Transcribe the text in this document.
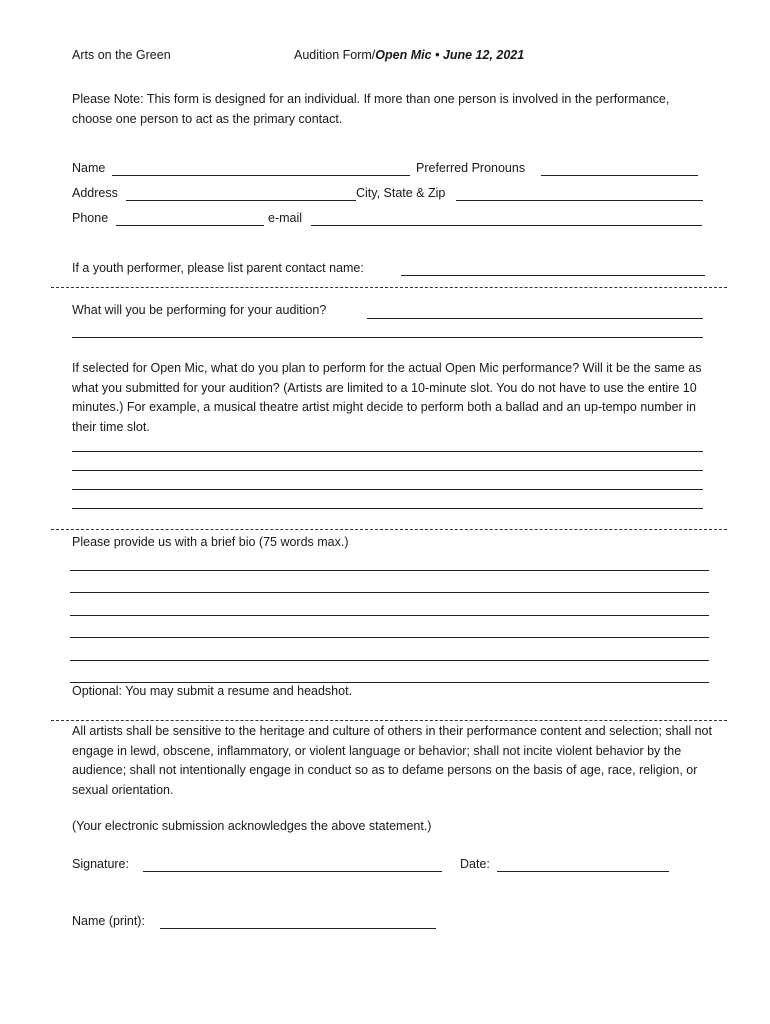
Arts on the Green	Audition Form/Open Mic • June 12, 2021
Please Note: This form is designed for an individual. If more than one person is involved in the performance, choose one person to act as the primary contact.
Name	Preferred Pronouns
Address	City, State & Zip
Phone	e-mail
If a youth performer, please list parent contact name:
What will you be performing for your audition?
If selected for Open Mic, what do you plan to perform for the actual Open Mic performance? Will it be the same as what you submitted for your audition? (Artists are limited to a 10-minute slot. You do not have to use the entire 10 minutes.) For example, a musical theatre artist might decide to perform both a ballad and an up-tempo number in their time slot.
Please provide us with a brief bio (75 words max.)
Optional: You may submit a resume and headshot.
All artists shall be sensitive to the heritage and culture of others in their performance content and selection; shall not engage in lewd, obscene, inflammatory, or violent language or behavior; shall not incite violent behavior by the audience; shall not intentionally engage in conduct so as to defame persons on the basis of age, race, religion, or sexual orientation.
(Your electronic submission acknowledges the above statement.)
Signature:	Date:
Name (print):
